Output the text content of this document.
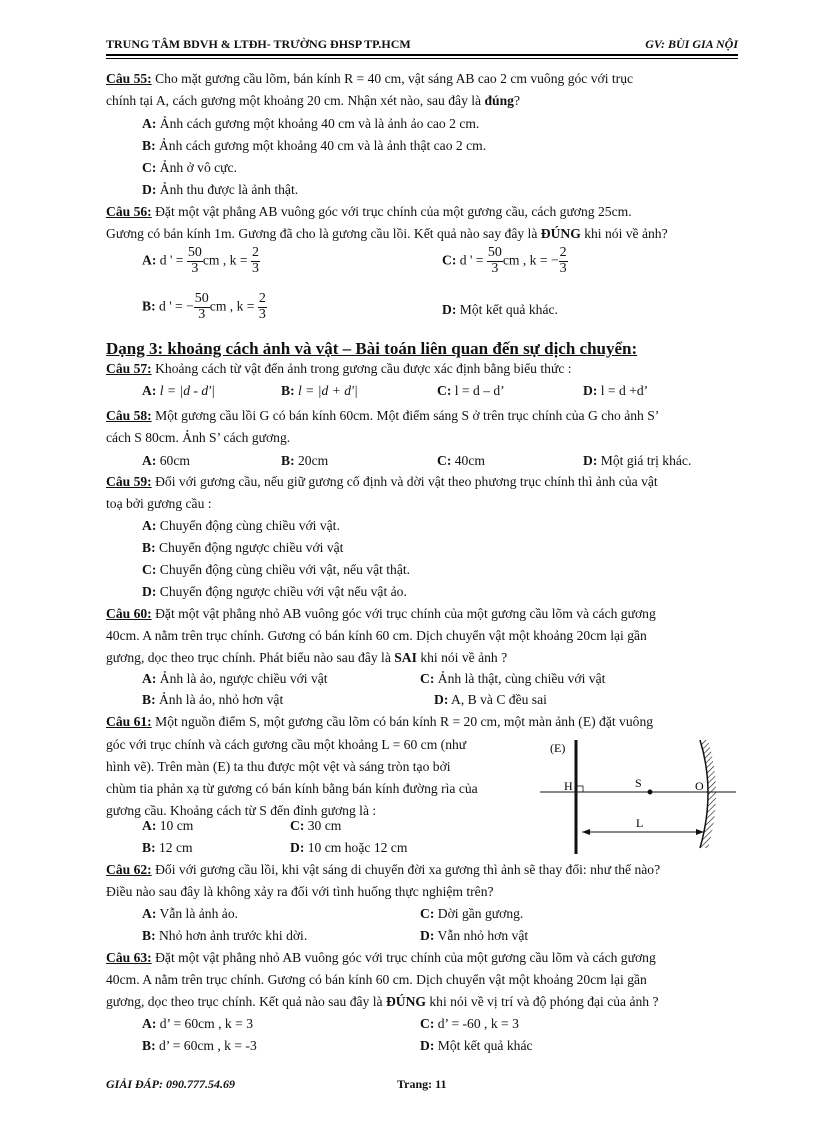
TRUNG TÂM BDVH & LTĐH- TRƯỜNG ĐHSP TP.HCM	GV: BÙI GIA NỘI
Câu 55: Cho mặt gương cầu lõm, bán kính R = 40 cm, vật sáng AB cao 2 cm vuông góc với trục
chính tại A, cách gương một khoảng 20 cm. Nhận xét nào, sau đây là đúng?
A: Ảnh cách gương một khoảng 40 cm và là ảnh ảo cao 2 cm.
B: Ảnh cách gương một khoảng 40 cm và là ảnh thật cao 2 cm.
C: Ảnh ở vô cực.
D: Ảnh thu được là ảnh thật.
Câu 56: Đặt một vật phẳng AB vuông góc với trục chính của một gương cầu, cách gương 25cm.
Gương có bán kính 1m. Gương đã cho là gương cầu lồi. Kết quả nào say đây là ĐÚNG khi nói về ảnh?
A: d ' = $\frac{50}{3}$ cm , $k = \frac{2}{3}$	C: d ' = $\frac{50}{3}$ cm , k = − $\frac{2}{3}$
B: d ' = − $\frac{50}{3}$ cm , $k = \frac{2}{3}$	D: Một kết quả khác.
Dạng 3: khoảng cách ảnh và vật – Bài toán liên quan đến sự dịch chuyển:
Câu 57: Khoảng cách từ vật đến ảnh trong gương cầu được xác định bằng biểu thức :
A: l = |d - d'|	B: l = |d + d'|	C: l = d – d’	D: l = d +d’
Câu 58: Một gương cầu lồi G có bán kính 60cm. Một điểm sáng S ở trên trục chính của G cho ảnh S’
cách S 80cm. Ảnh S’ cách gương.
A: 60cm	B: 20cm	C: 40cm	D: Một giá trị khác.
Câu 59: Đối với gương cầu, nếu giữ gương cố định và dời vật theo phương trục chính thì ảnh của vật
toạ bởi gương cầu :
A: Chuyển động cùng chiều với vật.
B: Chuyển động ngược chiều với vật
C: Chuyển động cùng chiều với vật, nếu vật thật.
D: Chuyển động ngược chiều với vật nếu vật ảo.
Câu 60: Đặt một vật phẳng nhỏ AB vuông góc với trục chính của một gương cầu lõm và cách gương
40cm. A nằm trên trục chính. Gương có bán kính 60 cm. Dịch chuyển vật một khoảng 20cm lại gần
gương, dọc theo trục chính. Phát biểu nào sau đây là SAI khi nói về ảnh ?
A: Ảnh là ảo, ngược chiều với vật	C: Ảnh là thật, cùng chiều với vật
B: Ảnh là ảo, nhỏ hơn vật	D: A, B và C đều sai
Câu 61: Một nguồn điểm S, một gương cầu lõm có bán kính R = 20 cm, một màn ảnh (E) đặt vuông
góc với trục chính và cách gương cầu một khoảng L = 60 cm (như
hình vẽ). Trên màn (E) ta thu được một vệt và sáng tròn tạo bởi
chùm tia phản xạ từ gương có bán kính bằng bán kính đường rìa của
gương cầu. Khoảng cách từ S đến đỉnh gương là :
A: 10 cm	C: 30 cm
B: 12 cm	D: 10 cm hoặc 12 cm
(E)
H	S	O
L
Câu 62: Đối với gương cầu lồi, khi vật sáng di chuyển đời xa gương thì ảnh sẽ thay đổi: như thế nào?
Điều nào sau đây là không xảy ra đối với tình huống thực nghiệm trên?
A: Vẫn là ảnh ảo.	C: Dời gần gương.
B: Nhỏ hơn ảnh trước khi dời.	D: Vẫn nhỏ hơn vật
Câu 63: Đặt một vật phẳng nhỏ AB vuông góc với trục chính của một gương cầu lõm và cách gương
40cm. A nằm trên trục chính. Gương có bán kính 60 cm. Dịch chuyển vật một khoảng 20cm lại gần
gương, dọc theo trục chính. Kết quả nào sau đây là ĐÚNG khi nói về vị trí và độ phóng đại của ảnh ?
A: d’ = 60cm , k = 3	C: d’ = -60 , k = 3
B: d’ = 60cm , k = -3	D: Một kết quả khác
GIẢI ĐÁP: 090.777.54.69	Trang: 11
